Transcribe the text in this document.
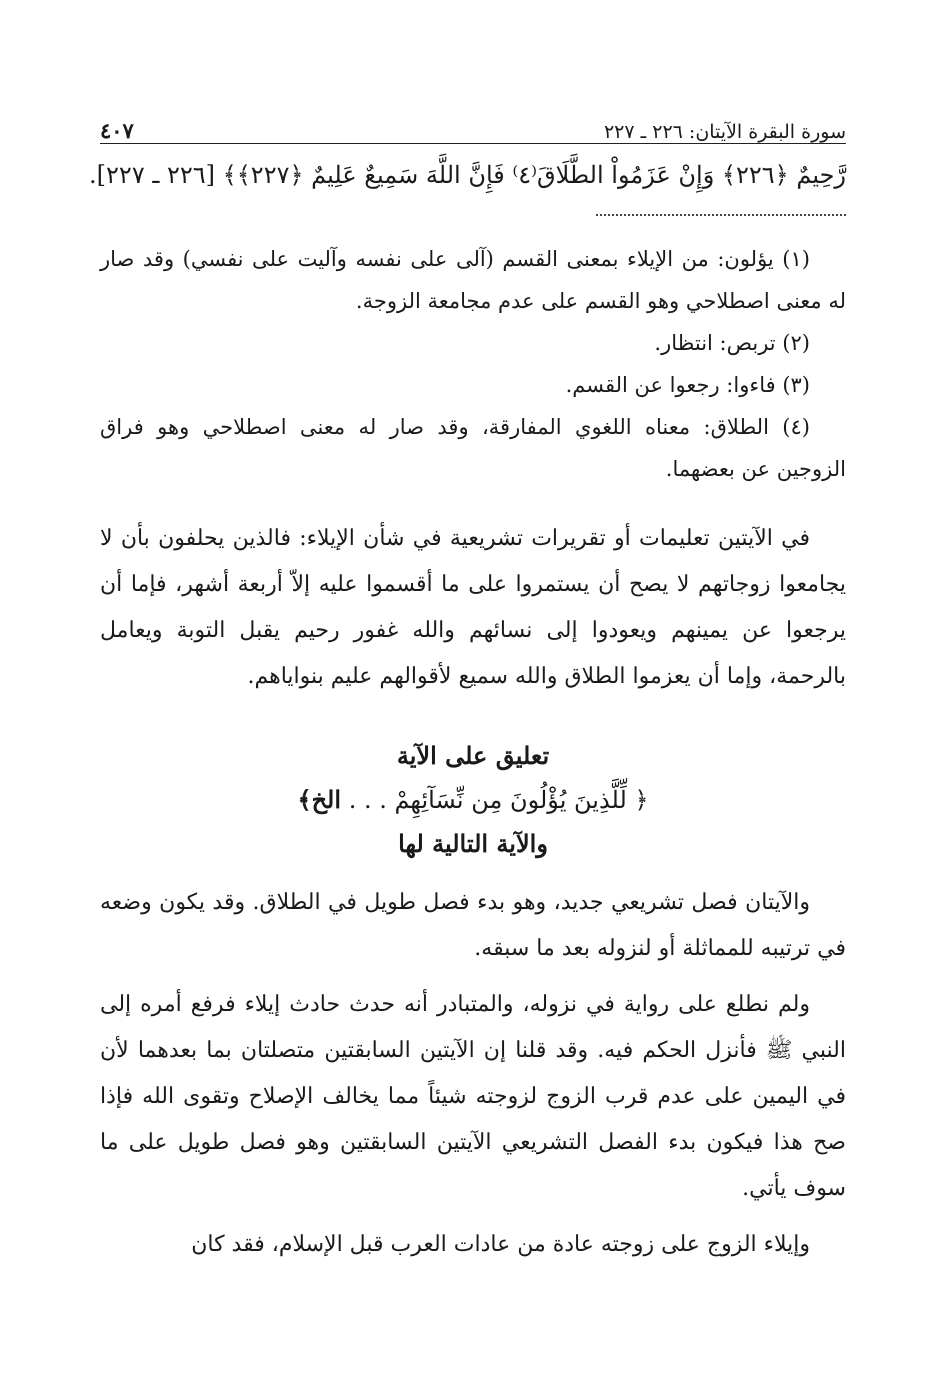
سورة البقرة الآيتان: ٢٢٦ ـ ٢٢٧
٤٠٧
رَّحِيمٌ ﴿٢٢٦﴾ وَإِنْ عَزَمُواْ الطَّلَاقَ⁽٤⁾ فَإِنَّ اللَّهَ سَمِيعٌ عَلِيمٌ ﴿٢٢٧﴾﴾ [٢٢٦ ـ ٢٢٧].

(١) يؤلون: من الإيلاء بمعنى القسم (آلى على نفسه وآليت على نفسي) وقد صار له معنى اصطلاحي وهو القسم على عدم مجامعة الزوجة.

(٢) تربص: انتظار.

(٣) فاءوا: رجعوا عن القسم.

(٤) الطلاق: معناه اللغوي المفارقة، وقد صار له معنى اصطلاحي وهو فراق الزوجين عن بعضهما.

في الآيتين تعليمات أو تقريرات تشريعية في شأن الإيلاء: فالذين يحلفون بأن لا يجامعوا زوجاتهم لا يصح أن يستمروا على ما أقسموا عليه إلاّ أربعة أشهر، فإما أن يرجعوا عن يمينهم ويعودوا إلى نسائهم والله غفور رحيم يقبل التوبة ويعامل بالرحمة، وإما أن يعزموا الطلاق والله سميع لأقوالهم عليم بنواياهم.

تعليق على الآية
﴿ لِّلَّذِينَ يُؤْلُونَ مِن نِّسَآئِهِمْ . . . الخ﴾
والآية التالية لها

والآيتان فصل تشريعي جديد، وهو بدء فصل طويل في الطلاق. وقد يكون وضعه في ترتيبه للمماثلة أو لنزوله بعد ما سبقه.

ولم نطلع على رواية في نزوله، والمتبادر أنه حدث حادث إيلاء فرفع أمره إلى النبي ﷺ فأنزل الحكم فيه. وقد قلنا إن الآيتين السابقتين متصلتان بما بعدهما لأن في اليمين على عدم قرب الزوج لزوجته شيئاً مما يخالف الإصلاح وتقوى الله فإذا صح هذا فيكون بدء الفصل التشريعي الآيتين السابقتين وهو فصل طويل على ما سوف يأتي.

وإيلاء الزوج على زوجته عادة من عادات العرب قبل الإسلام، فقد كان
